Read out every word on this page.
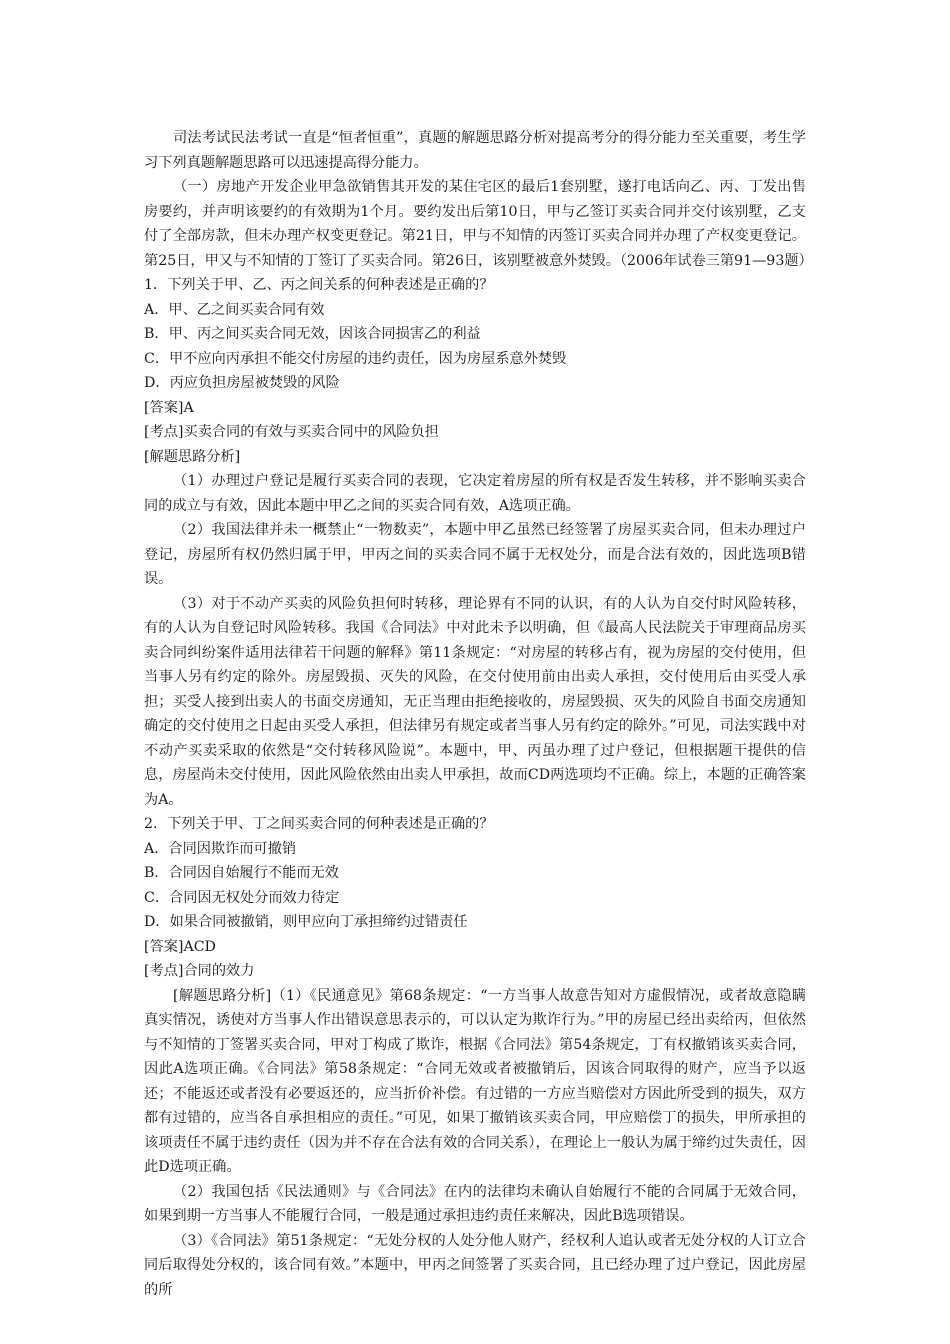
司法考试民法考试一直是“恒者恒重”，真题的解题思路分析对提高考分的得分能力至关重要，考生学习下列真题解题思路可以迅速提高得分能力。

（一）房地产开发企业甲急欲销售其开发的某住宅区的最后1套别墅，遂打电话向乙、丙、丁发出售房要约，并声明该要约的有效期为1个月。要约发出后第10日，甲与乙签订买卖合同并交付该别墅，乙支付了全部房款，但未办理产权变更登记。第21日，甲与不知情的丙签订买卖合同并办理了产权变更登记。第25日，甲又与不知情的丁签订了买卖合同。第26日，该别墅被意外焚毁。（2006年试卷三第91—93题）

1．下列关于甲、乙、丙之间关系的何种表述是正确的？

A．甲、乙之间买卖合同有效

B．甲、丙之间买卖合同无效，因该合同损害乙的利益

C．甲不应向丙承担不能交付房屋的违约责任，因为房屋系意外焚毁

D．丙应负担房屋被焚毁的风险

[答案]A

[考点]买卖合同的有效与买卖合同中的风险负担

[解题思路分析]

（1）办理过户登记是履行买卖合同的表现，它决定着房屋的所有权是否发生转移，并不影响买卖合同的成立与有效，因此本题中甲乙之间的买卖合同有效，A选项正确。

（2）我国法律并未一概禁止“一物数卖”，本题中甲乙虽然已经签署了房屋买卖合同，但未办理过户登记，房屋所有权仍然归属于甲，甲丙之间的买卖合同不属于无权处分，而是合法有效的，因此选项B错误。

（3）对于不动产买卖的风险负担何时转移，理论界有不同的认识，有的人认为自交付时风险转移，有的人认为自登记时风险转移。我国《合同法》中对此未予以明确，但《最高人民法院关于审理商品房买卖合同纠纷案件适用法律若干问题的解释》第11条规定：“对房屋的转移占有，视为房屋的交付使用，但当事人另有约定的除外。房屋毁损、灭失的风险，在交付使用前由出卖人承担，交付使用后由买受人承担；买受人接到出卖人的书面交房通知，无正当理由拒绝接收的，房屋毁损、灭失的风险自书面交房通知确定的交付使用之日起由买受人承担，但法律另有规定或者当事人另有约定的除外。”可见，司法实践中对不动产买卖采取的依然是“交付转移风险说”。本题中，甲、丙虽办理了过户登记，但根据题干提供的信息，房屋尚未交付使用，因此风险依然由出卖人甲承担，故而CD两选项均不正确。综上，本题的正确答案为A。

2．下列关于甲、丁之间买卖合同的何种表述是正确的？

A．合同因欺诈而可撤销

B．合同因自始履行不能而无效

C．合同因无权处分而效力待定

D．如果合同被撤销，则甲应向丁承担缔约过错责任

[答案]ACD

[考点]合同的效力

[解题思路分析]（1）《民通意见》第68条规定：“一方当事人故意告知对方虚假情况，或者故意隐瞒真实情况，诱使对方当事人作出错误意思表示的，可以认定为欺诈行为。”甲的房屋已经出卖给丙，但依然与不知情的丁签署买卖合同，甲对丁构成了欺诈，根据《合同法》第54条规定，丁有权撤销该买卖合同，因此A选项正确。《合同法》第58条规定：“合同无效或者被撤销后，因该合同取得的财产，应当予以返还；不能返还或者没有必要返还的，应当折价补偿。有过错的一方应当赔偿对方因此所受到的损失，双方都有过错的，应当各自承担相应的责任。”可见，如果丁撤销该买卖合同，甲应赔偿丁的损失，甲所承担的该项责任不属于违约责任（因为并不存在合法有效的合同关系），在理论上一般认为属于缔约过失责任，因此D选项正确。

（2）我国包括《民法通则》与《合同法》在内的法律均未确认自始履行不能的合同属于无效合同，如果到期一方当事人不能履行合同，一般是通过承担违约责任来解决，因此B选项错误。

（3）《合同法》第51条规定：“无处分权的人处分他人财产，经权利人追认或者无处分权的人订立合同后取得处分权的，该合同有效。”本题中，甲丙之间签署了买卖合同，且已经办理了过户登记，因此房屋的所
